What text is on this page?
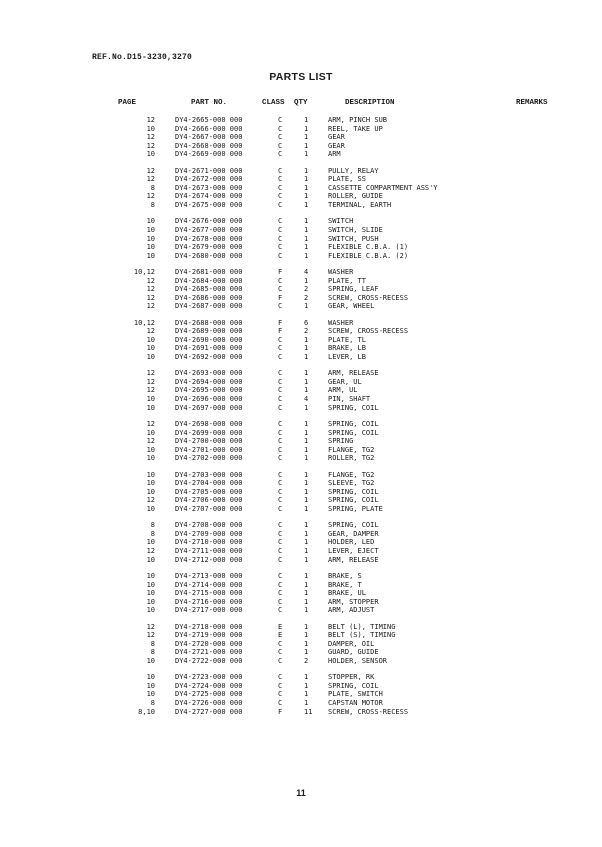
REF.No.D15-3230,3270
PARTS LIST
PAGE	PART NO.	CLASS QTY	DESCRIPTION	REMARKS
12	DY4-2665-000 000	C	1	ARM, PINCH SUB
10	DY4-2666-000 000	C	1	REEL, TAKE UP
12	DY4-2667-000 000	C	1	GEAR
12	DY4-2668-000 000	C	1	GEAR
10	DY4-2669-000 000	C	1	ARM
12	DY4-2671-000 000	C	1	PULLY, RELAY
12	DY4-2672-000 000	C	1	PLATE, SS
8	DY4-2673-000 000	C	1	CASSETTE COMPARTMENT ASS'Y
12	DY4-2674-000 000	C	1	ROLLER, GUIDE
8	DY4-2675-000 000	C	1	TERMINAL, EARTH
10	DY4-2676-000 000	C	1	SWITCH
10	DY4-2677-000 000	C	1	SWITCH, SLIDE
10	DY4-2678-000 000	C	1	SWITCH, PUSH
10	DY4-2679-000 000	C	1	FLEXIBLE C.B.A. (1)
10	DY4-2680-000 000	C	1	FLEXIBLE C.B.A. (2)
10,12	DY4-2681-000 000	F	4	WASHER
12	DY4-2684-000 000	C	1	PLATE, TT
12	DY4-2685-000 000	C	2	SPRING, LEAF
12	DY4-2686-000 000	F	2	SCREW, CROSS-RECESS
12	DY4-2687-000 000	C	1	GEAR, WHEEL
10,12	DY4-2688-000 000	F	6	WASHER
12	DY4-2689-000 000	F	2	SCREW, CROSS-RECESS
10	DY4-2690-000 000	C	1	PLATE, TL
10	DY4-2691-000 000	C	1	BRAKE, LB
10	DY4-2692-000 000	C	1	LEVER, LB
12	DY4-2693-000 000	C	1	ARM, RELEASE
12	DY4-2694-000 000	C	1	GEAR, UL
12	DY4-2695-000 000	C	1	ARM, UL
10	DY4-2696-000 000	C	4	PIN, SHAFT
10	DY4-2697-000 000	C	1	SPRING, COIL
12	DY4-2698-000 000	C	1	SPRING, COIL
10	DY4-2699-000 000	C	1	SPRING, COIL
12	DY4-2700-000 000	C	1	SPRING
10	DY4-2701-000 000	C	1	FLANGE, TG2
10	DY4-2702-000 000	C	1	ROLLER, TG2
10	DY4-2703-000 000	C	1	FLANGE, TG2
10	DY4-2704-000 000	C	1	SLEEVE, TG2
10	DY4-2705-000 000	C	1	SPRING, COIL
12	DY4-2706-000 000	C	1	SPRING, COIL
10	DY4-2707-000 000	C	1	SPRING, PLATE
8	DY4-2708-000 000	C	1	SPRING, COIL
8	DY4-2709-000 000	C	1	GEAR, DAMPER
10	DY4-2710-000 000	C	1	HOLDER, LED
12	DY4-2711-000 000	C	1	LEVER, EJECT
10	DY4-2712-000 000	C	1	ARM, RELEASE
10	DY4-2713-000 000	C	1	BRAKE, S
10	DY4-2714-000 000	C	1	BRAKE, T
10	DY4-2715-000 000	C	1	BRAKE, UL
10	DY4-2716-000 000	C	1	ARM, STOPPER
10	DY4-2717-000 000	C	1	ARM, ADJUST
12	DY4-2718-000 000	E	1	BELT (L), TIMING
12	DY4-2719-000 000	E	1	BELT (S), TIMING
8	DY4-2720-000 000	C	1	DAMPER, OIL
8	DY4-2721-000 000	C	1	GUARD, GUIDE
10	DY4-2722-000 000	C	2	HOLDER, SENSOR
10	DY4-2723-000 000	C	1	STOPPER, RK
10	DY4-2724-000 000	C	1	SPRING, COIL
10	DY4-2725-000 000	C	1	PLATE, SWITCH
8	DY4-2726-000 000	C	1	CAPSTAN MOTOR
8,10	DY4-2727-000 000	F	11 SCREW, CROSS-RECESS
11
